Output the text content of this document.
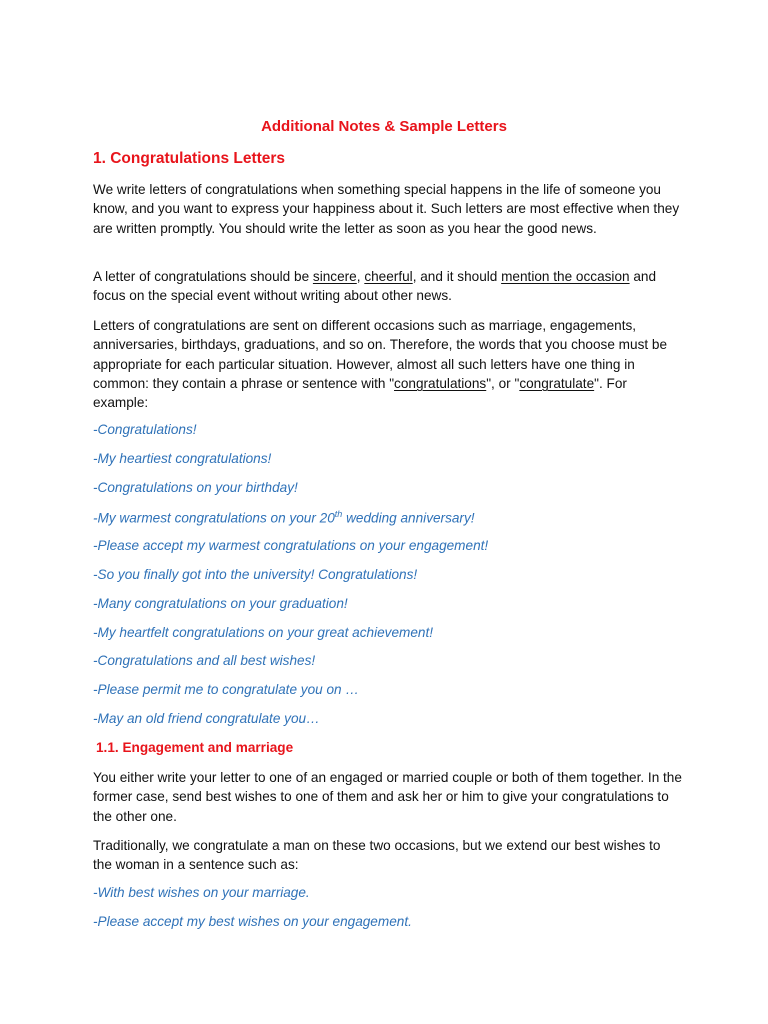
Additional Notes & Sample Letters
1. Congratulations Letters

We write letters of congratulations when something special happens in the life of someone you know, and you want to express your happiness about it. Such letters are most effective when they are written promptly. You should write the letter as soon as you hear the good news.

A letter of congratulations should be sincere, cheerful, and it should mention the occasion and focus on the special event without writing about other news.

Letters of congratulations are sent on different occasions such as marriage, engagements, anniversaries, birthdays, graduations, and so on. Therefore, the words that you choose must be appropriate for each particular situation. However, almost all such letters have one thing in common: they contain a phrase or sentence with "congratulations", or "congratulate". For example:

-Congratulations!
-My heartiest congratulations!
-Congratulations on your birthday!
-My warmest congratulations on your 20th wedding anniversary!
-Please accept my warmest congratulations on your engagement!
-So you finally got into the university! Congratulations!
-Many congratulations on your graduation!
-My heartfelt congratulations on your great achievement!
-Congratulations and all best wishes!
-Please permit me to congratulate you on …
-May an old friend congratulate you…
1.1. Engagement and marriage

You either write your letter to one of an engaged or married couple or both of them together. In the former case, send best wishes to one of them and ask her or him to give your congratulations to the other one.

Traditionally, we congratulate a man on these two occasions, but we extend our best wishes to the woman in a sentence such as:

-With best wishes on your marriage.
-Please accept my best wishes on your engagement.
